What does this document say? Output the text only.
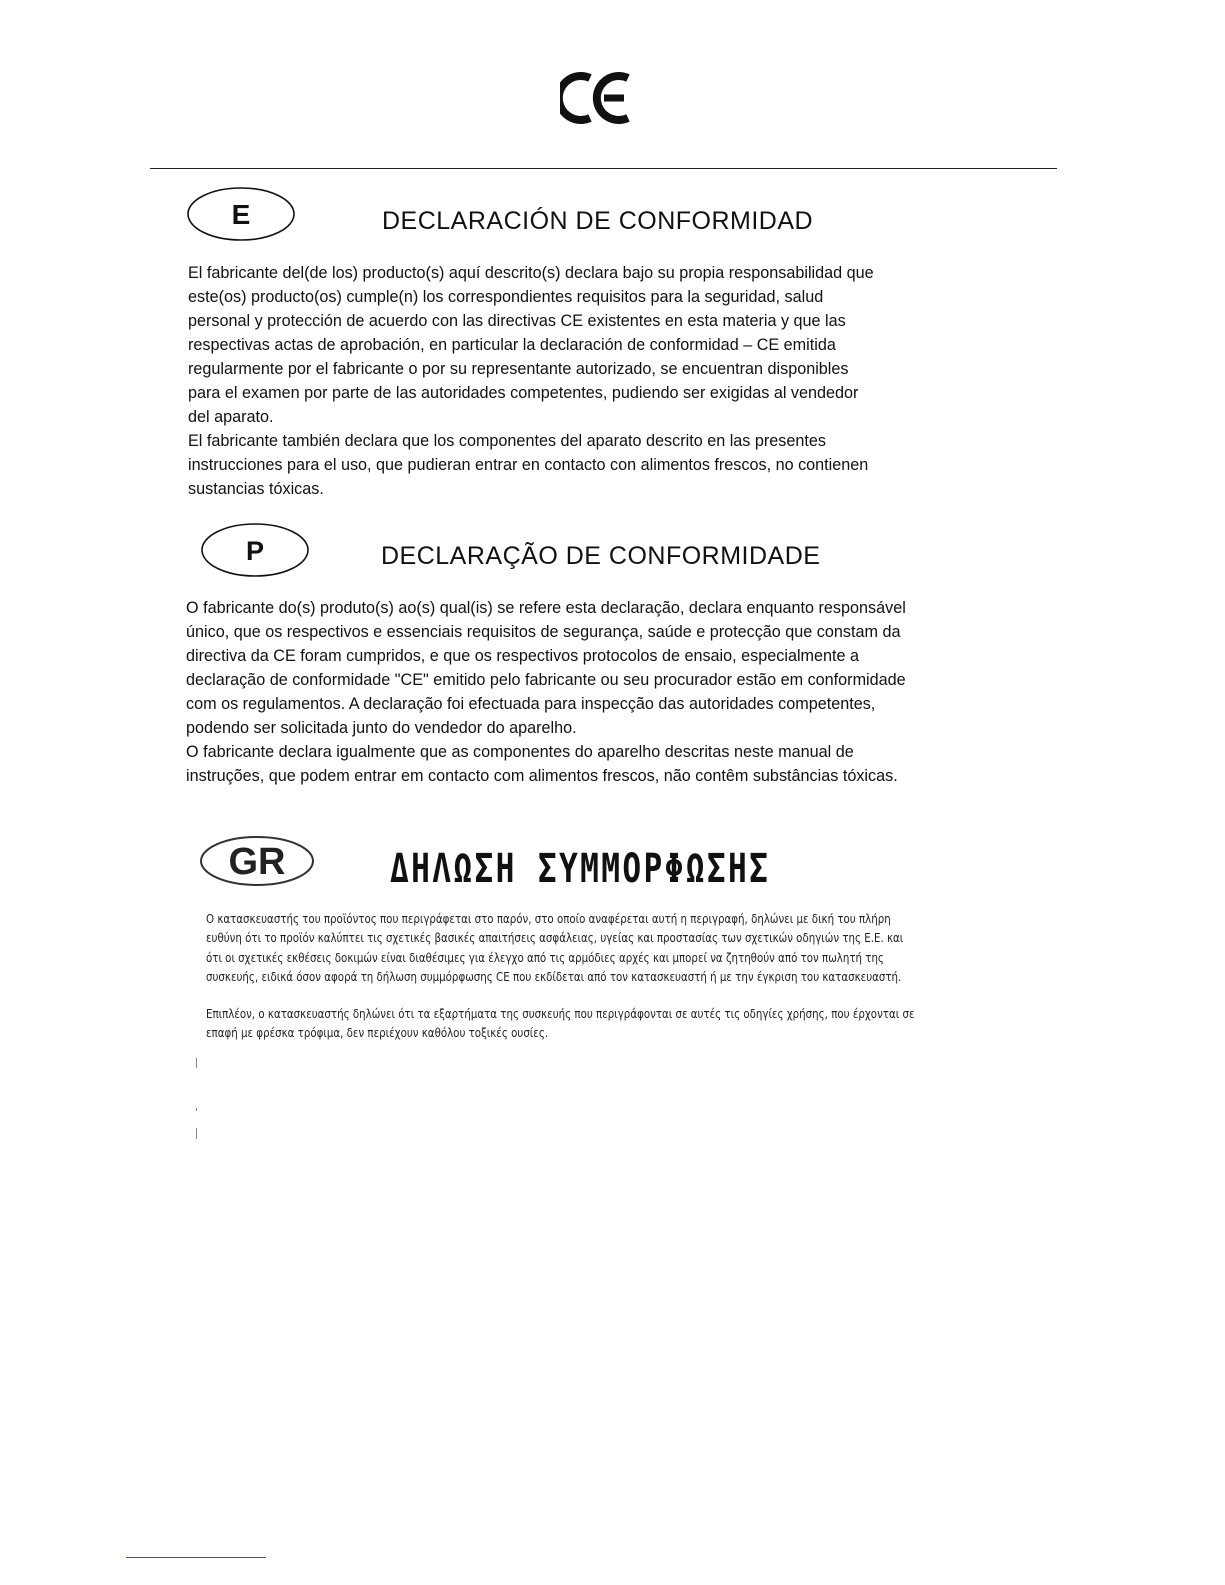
E	DECLARACIÓN DE CONFORMIDAD
El fabricante del(de los) producto(s) aquí descrito(s) declara bajo su propia responsabilidad que
este(os) producto(os) cumple(n) los correspondientes requisitos para la seguridad, salud
personal y protección de acuerdo con las directivas CE existentes en esta materia y que las
respectivas actas de aprobación, en particular la declaración de conformidad – CE emitida
regularmente por el fabricante o por su representante autorizado, se encuentran disponibles
para el examen por parte de las autoridades competentes, pudiendo ser exigidas al vendedor
del aparato.
El fabricante también declara que los componentes del aparato descrito en las presentes
instrucciones para el uso, que pudieran entrar en contacto con alimentos frescos, no contienen
sustancias tóxicas.
P	DECLARAÇÃO DE CONFORMIDADE
O fabricante do(s) produto(s) ao(s) qual(is) se refere esta declaração, declara enquanto responsável
único, que os respectivos e essenciais requisitos de segurança, saúde e protecção que constam da
directiva da CE foram cumpridos, e que os respectivos protocolos de ensaio, especialmente a
declaração de conformidade "CE" emitido pelo fabricante ou seu procurador estão em conformidade
com os regulamentos. A declaração foi efectuada para inspecção das autoridades competentes,
podendo ser solicitada junto do vendedor do aparelho.
O fabricante declara igualmente que as componentes do aparelho descritas neste manual de
instruções, que podem entrar em contacto com alimentos frescos, não contêm substâncias tóxicas.
GR	ΔΗΛΩΣΗ ΣΥΜΜΟΡΦΩΣΗΣ
Ο κατασκευαστής του προϊόντος που περιγράφεται στο παρόν, στο οποίο αναφέρεται αυτή η περιγραφή, δηλώνει με δική του πλήρη
ευθύνη ότι το προϊόν καλύπτει τις σχετικές βασικές απαιτήσεις ασφάλειας, υγείας και προστασίας των σχετικών οδηγιών της Ε.Ε. και
ότι οι σχετικές εκθέσεις δοκιμών είναι διαθέσιμες για έλεγχο από τις αρμόδιες αρχές και μπορεί να ζητηθούν από τον πωλητή της
συσκευής, ειδικά όσον αφορά τη δήλωση συμμόρφωσης CE που εκδίδεται από τον κατασκευαστή ή με την έγκριση του κατασκευαστή.
Επιπλέον, ο κατασκευαστής δηλώνει ότι τα εξαρτήματα της συσκευής που περιγράφονται σε αυτές τις οδηγίες χρήσης, που έρχονται σε
επαφή με φρέσκα τρόφιμα, δεν περιέχουν καθόλου τοξικές ουσίες.
